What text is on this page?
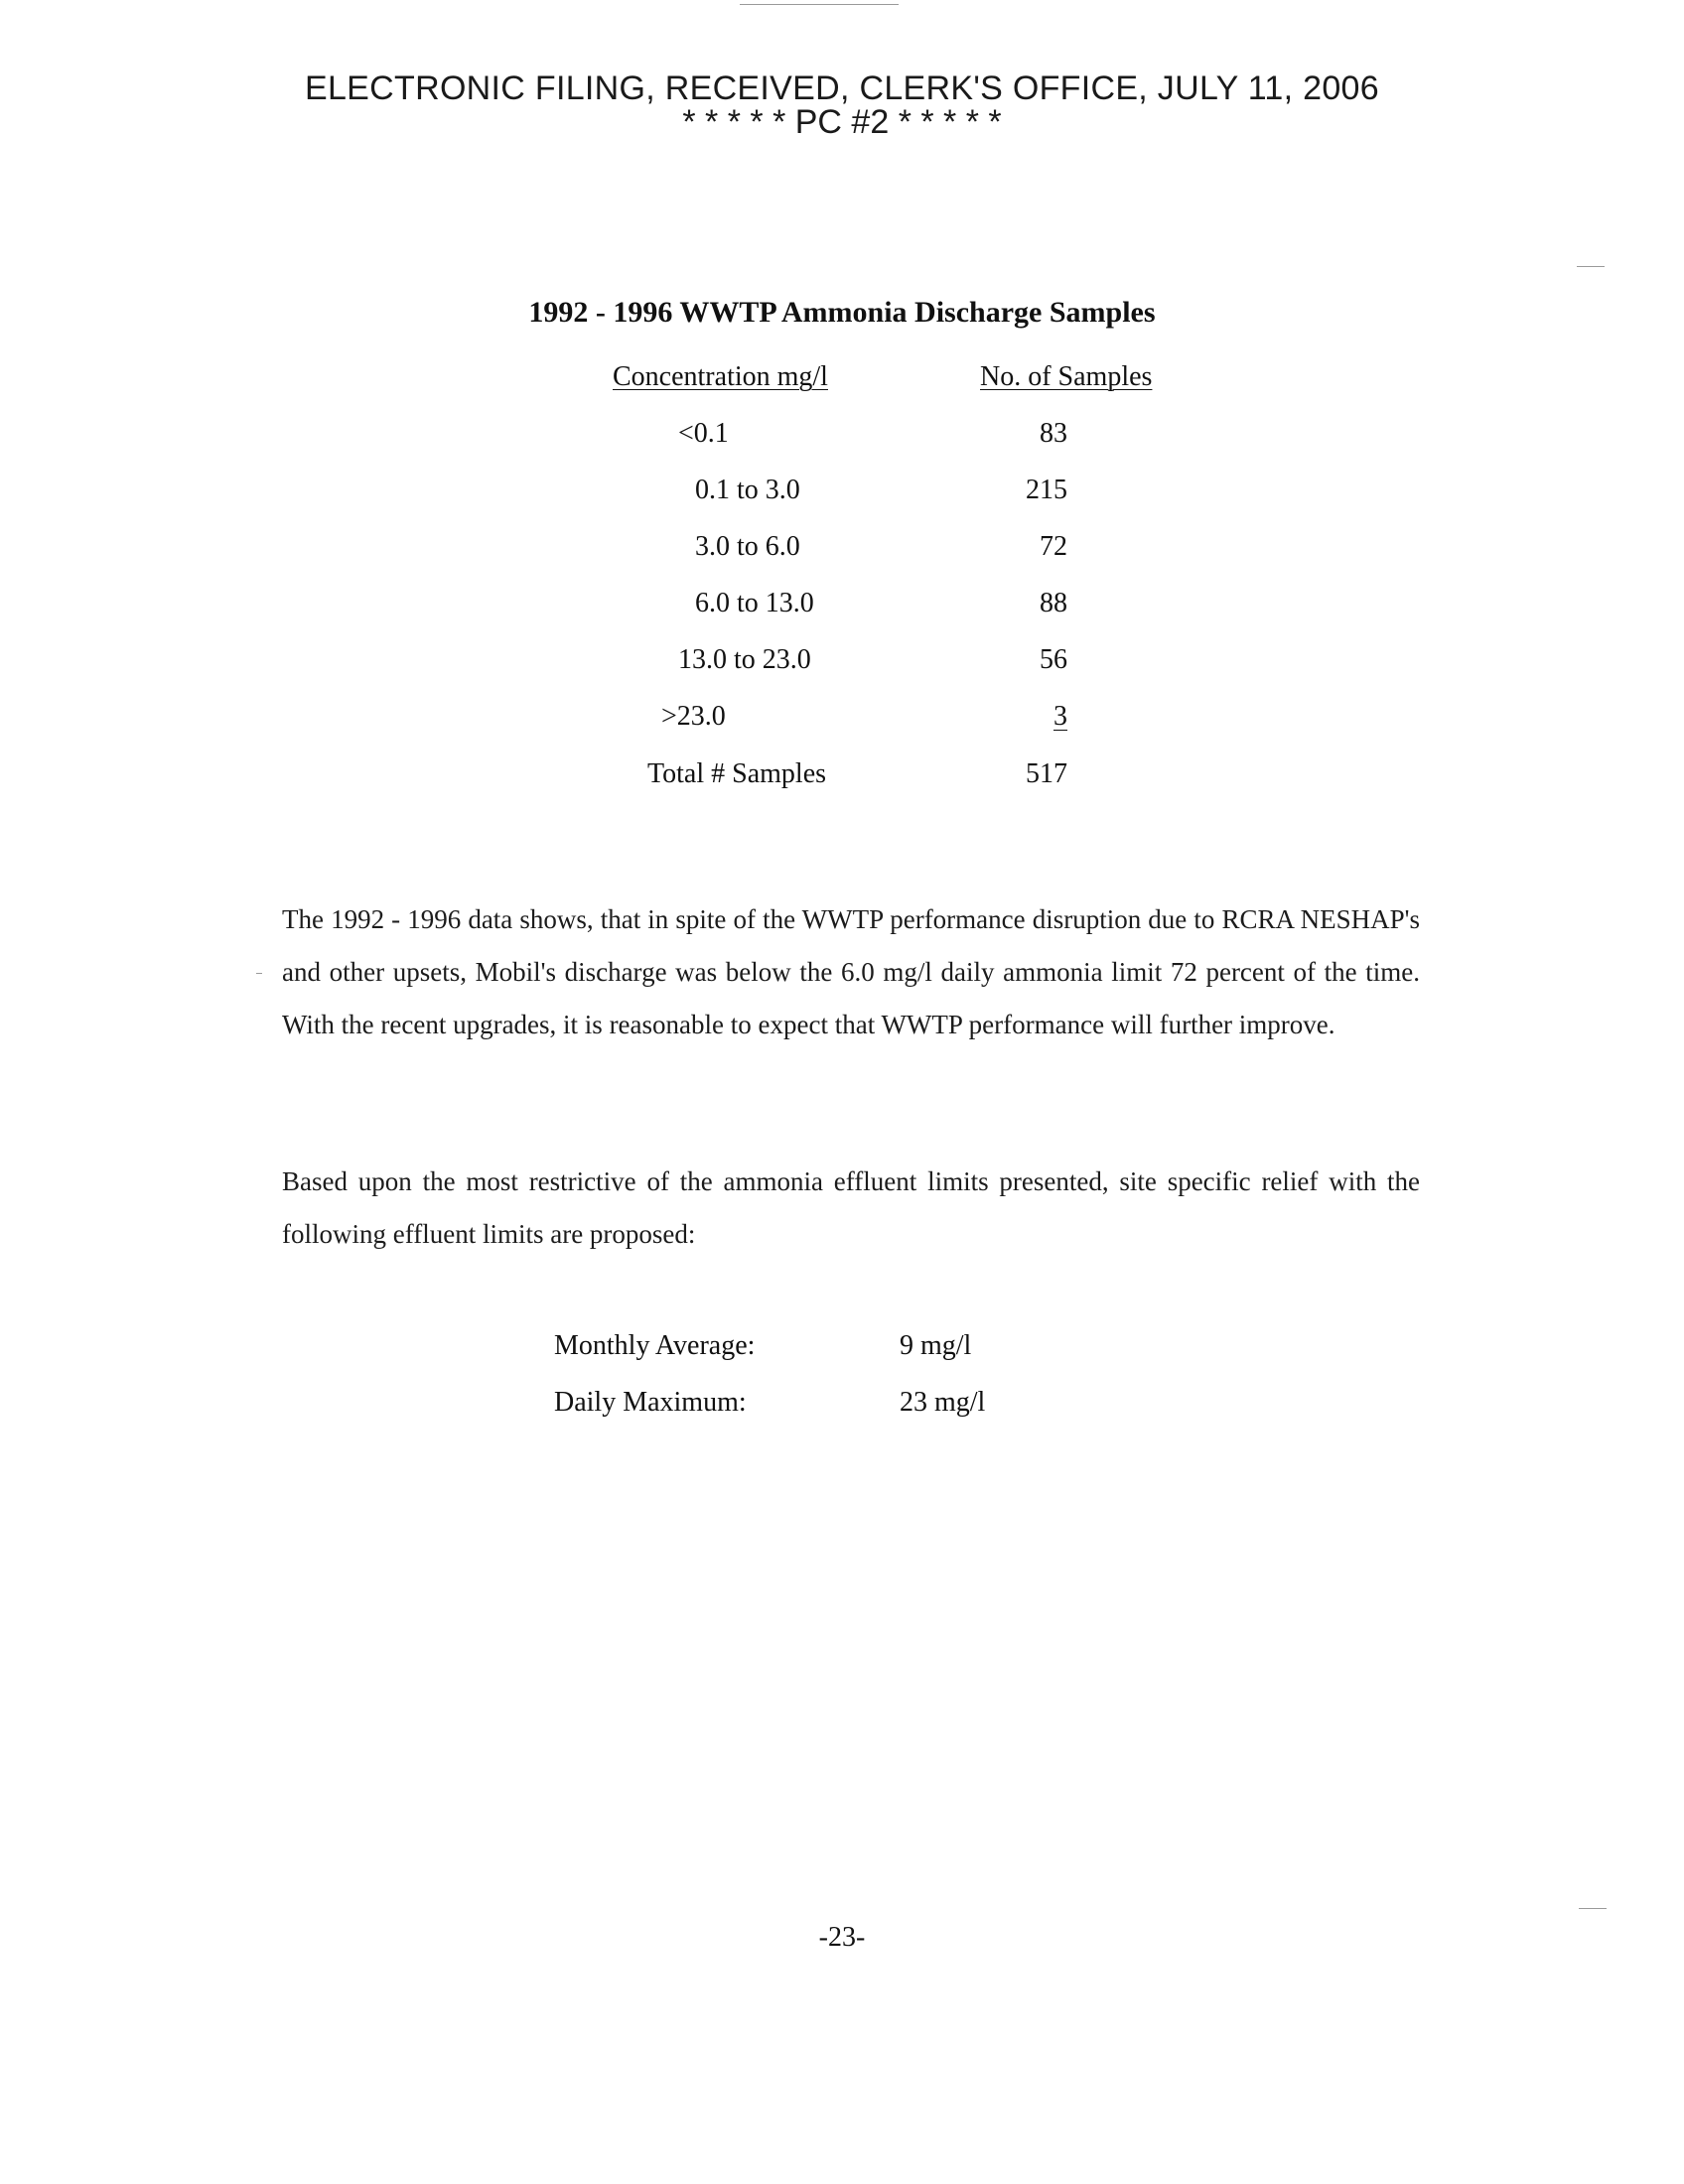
ELECTRONIC FILING, RECEIVED, CLERK'S OFFICE, JULY 11, 2006
* * * * * PC #2 * * * * *
1992 - 1996 WWTP Ammonia Discharge Samples
Concentration mg/l	No. of Samples
<0.1	83
0.1 to 3.0	215
3.0 to 6.0	72
6.0 to 13.0	88
13.0 to 23.0	56
>23.0	3
Total # Samples	517
The 1992 - 1996 data shows, that in spite of the WWTP performance disruption due to RCRA NESHAP's and other upsets, Mobil's discharge was below the 6.0 mg/l daily ammonia limit 72 percent of the time. With the recent upgrades, it is reasonable to expect that WWTP performance will further improve.
Based upon the most restrictive of the ammonia effluent limits presented, site specific relief with the following effluent limits are proposed:
Monthly Average:	9 mg/l
Daily Maximum:	23 mg/l
-23-
